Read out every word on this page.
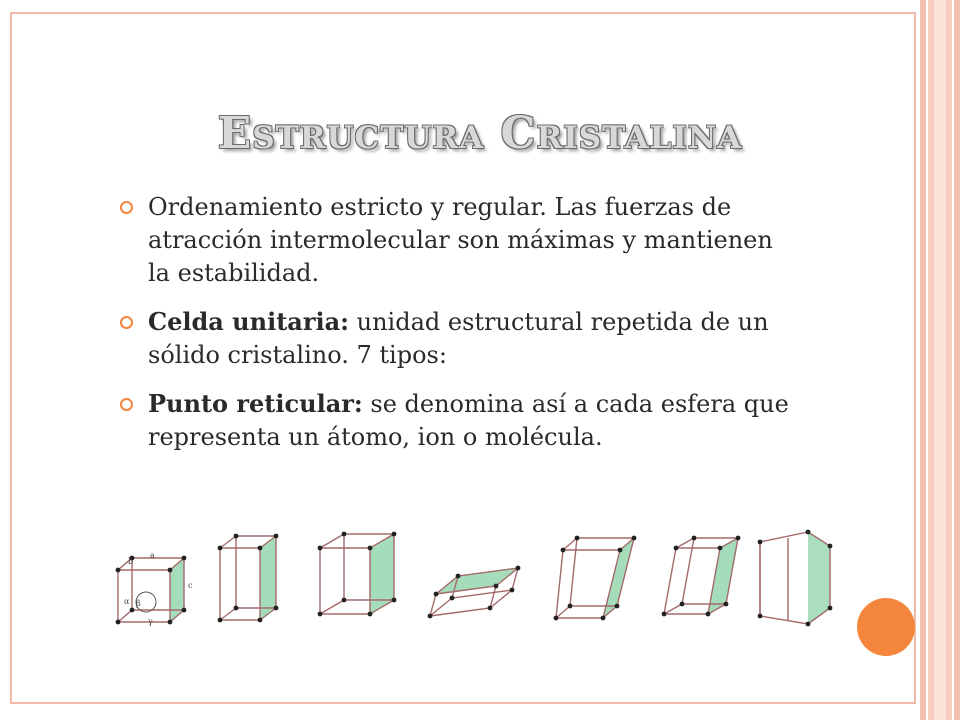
Estructura Cristalina
Ordenamiento estricto y regular. Las fuerzas de atracción intermolecular son máximas y mantienen la estabilidad.
Celda unitaria: unidad estructural repetida de un sólido cristalino. 7 tipos:
Punto reticular: se denomina así a cada esfera que representa un átomo, ion o molécula.
a
b
c
α β
γ
